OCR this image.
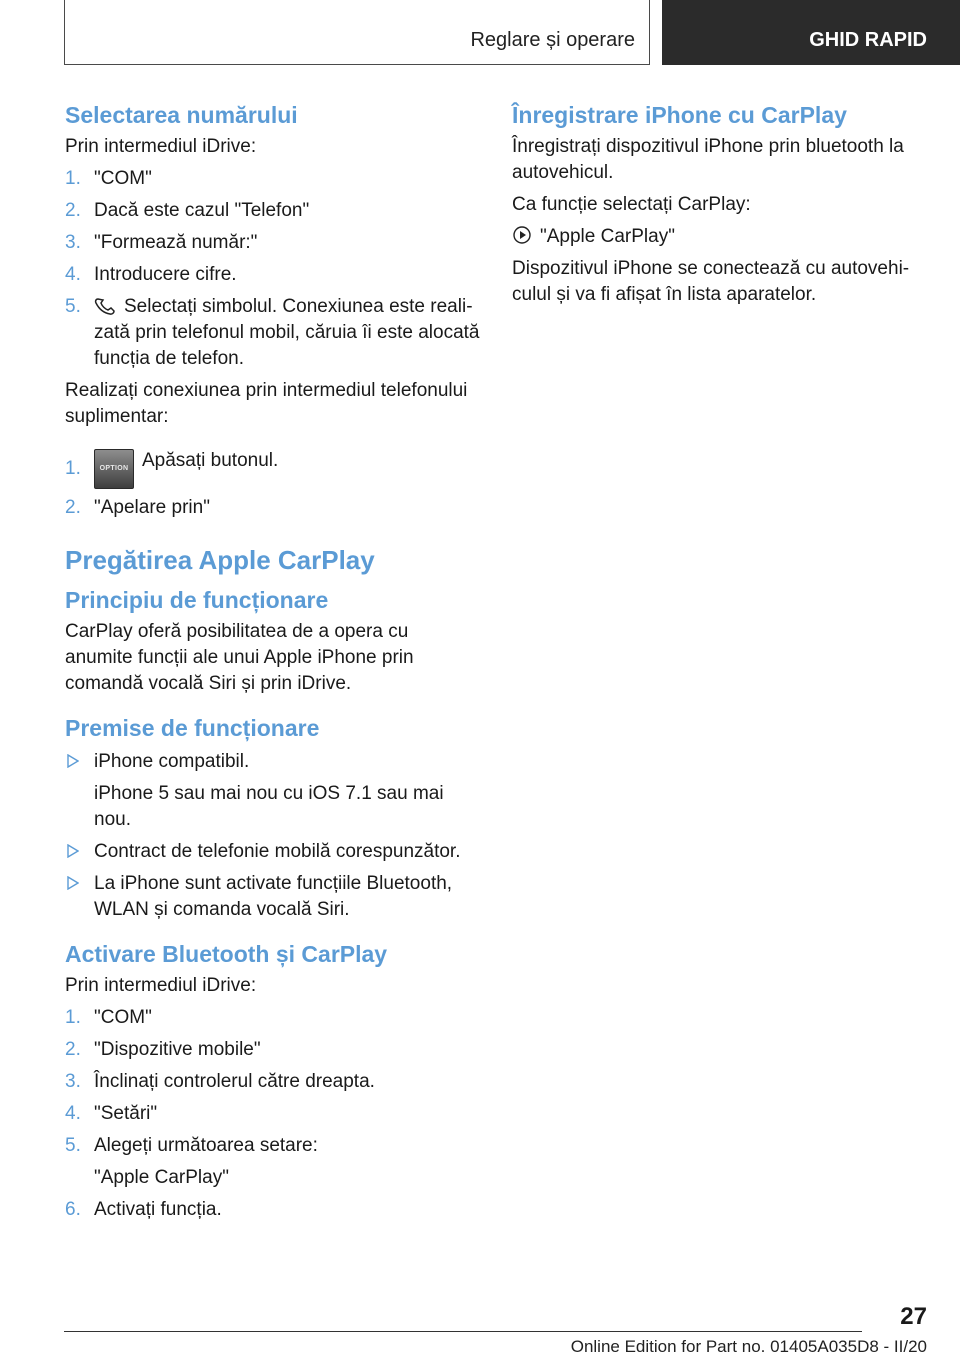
Reglare și operare	GHID RAPID
Selectarea numărului

Prin intermediul iDrive:

1. "COM"
2. Dacă este cazul "Telefon"
3. "Formează număr:"
4. Introducere cifre.
5. Selectați simbolul. Conexiunea este realizată prin telefonul mobil, căruia îi este alocată funcția de telefon.

Realizați conexiunea prin intermediul telefonului suplimentar:

1.	OPTION Apăsați butonul.
2. "Apelare prin"
Pregătirea Apple CarPlay
Principiu de funcționare

CarPlay oferă posibilitatea de a opera cu anumite funcții ale unui Apple iPhone prin comandă vocală Siri și prin iDrive.

Premise de funcționare
iPhone compatibil.
iPhone 5 sau mai nou cu iOS 7.1 sau mai nou.
Contract de telefonie mobilă corespunzător.
La iPhone sunt activate funcțiile Bluetooth, WLAN și comanda vocală Siri.
Activare Bluetooth și CarPlay

Prin intermediul iDrive:

1. "COM"
2. "Dispozitive mobile"
3. Înclinați controlerul către dreapta.
4. "Setări"
5. Alegeți următoarea setare:
"Apple CarPlay"
6. Activați funcția.
Înregistrare iPhone cu CarPlay

Înregistrați dispozitivul iPhone prin bluetooth la autovehicul.

Ca funcție selectați CarPlay:

"Apple CarPlay"

Dispozitivul iPhone se conectează cu autovehiculul și va fi afișat în lista aparatelor.

27
Online Edition for Part no. 01405A035D8 - II/20
